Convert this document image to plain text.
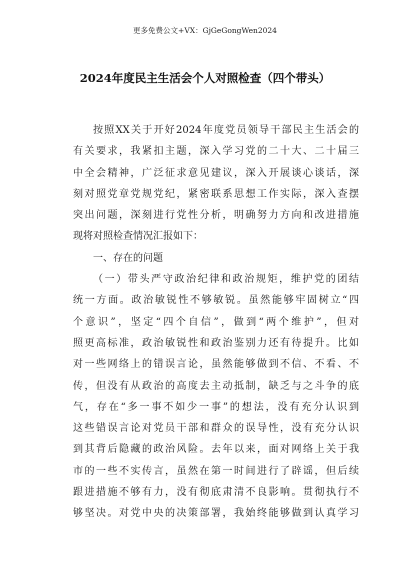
更多免费公文+VX：GjGeGongWen2024
2024年度民主生活会个人对照检查（四个带头）
按照XX关于开好2024年度党员领导干部民主生活会的
有关要求，我紧扣主题，深入学习党的二十大、二十届三
中全会精神，广泛征求意见建议，深入开展谈心谈话，深
刻对照党章党规党纪，紧密联系思想工作实际，深入查摆
突出问题，深刻进行党性分析，明确努力方向和改进措施
现将对照检查情况汇报如下：
一、存在的问题
（一）带头严守政治纪律和政治规矩，维护党的团结
统一方面。政治敏锐性不够敏锐。虽然能够牢固树立“四
个意识”，坚定“四个自信”，做到“两个维护”，但对
照更高标准，政治敏锐性和政治鉴别力还有待提升。比如
对一些网络上的错误言论，虽然能够做到不信、不看、不
传，但没有从政治的高度去主动抵制，缺乏与之斗争的底
气，存在“多一事不如少一事”的想法，没有充分认识到
这些错误言论对党员干部和群众的误导性，没有充分认识
到其背后隐藏的政治风险。去年以来，面对网络上关于我
市的一些不实传言，虽然在第一时间进行了辟谣，但后续
跟进措施不够有力，没有彻底肃清不良影响。贯彻执行不
够坚决。对党中央的决策部署，我始终能够做到认真学习
